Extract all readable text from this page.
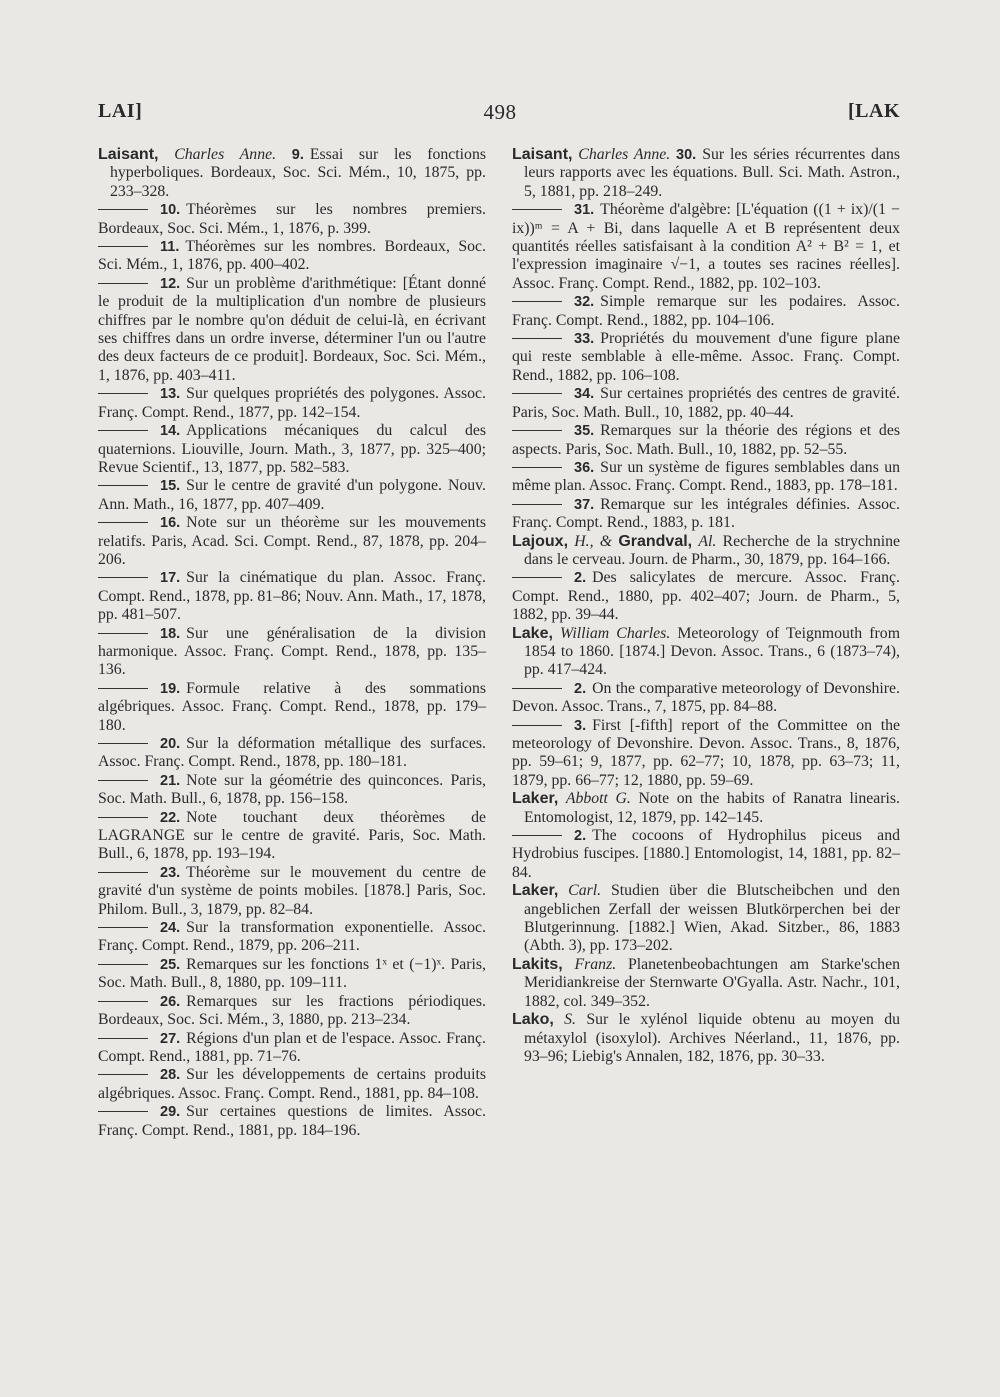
LAI]	498	[LAK
Laisant, Charles Anne. 9. Essai sur les fonctions hyperboliques. Bordeaux, Soc. Sci. Mém., 10, 1875, pp. 233–328.
10. Théorèmes sur les nombres premiers. Bordeaux, Soc. Sci. Mém., 1, 1876, p. 399.
11. Théorèmes sur les nombres. Bordeaux, Soc. Sci. Mém., 1, 1876, pp. 400–402.
12. Sur un problème d'arithmétique: [Étant donné le produit de la multiplication d'un nombre de plusieurs chiffres par le nombre qu'on déduit de celui-là, en écrivant ses chiffres dans un ordre inverse, déterminer l'un ou l'autre des deux facteurs de ce produit]. Bordeaux, Soc. Sci. Mém., 1, 1876, pp. 403–411.
13. Sur quelques propriétés des polygones. Assoc. Franç. Compt. Rend., 1877, pp. 142–154.
14. Applications mécaniques du calcul des quaternions. Liouville, Journ. Math., 3, 1877, pp. 325–400; Revue Scientif., 13, 1877, pp. 582–583.
15. Sur le centre de gravité d'un polygone. Nouv. Ann. Math., 16, 1877, pp. 407–409.
16. Note sur un théorème sur les mouvements relatifs. Paris, Acad. Sci. Compt. Rend., 87, 1878, pp. 204–206.
17. Sur la cinématique du plan. Assoc. Franç. Compt. Rend., 1878, pp. 81–86; Nouv. Ann. Math., 17, 1878, pp. 481–507.
18. Sur une généralisation de la division harmonique. Assoc. Franç. Compt. Rend., 1878, pp. 135–136.
19. Formule relative à des sommations algébriques. Assoc. Franç. Compt. Rend., 1878, pp. 179–180.
20. Sur la déformation métallique des surfaces. Assoc. Franç. Compt. Rend., 1878, pp. 180–181.
21. Note sur la géométrie des quinconces. Paris, Soc. Math. Bull., 6, 1878, pp. 156–158.
22. Note touchant deux théorèmes de LAGRANGE sur le centre de gravité. Paris, Soc. Math. Bull., 6, 1878, pp. 193–194.
23. Théorème sur le mouvement du centre de gravité d'un système de points mobiles. [1878.] Paris, Soc. Philom. Bull., 3, 1879, pp. 82–84.
24. Sur la transformation exponentielle. Assoc. Franç. Compt. Rend., 1879, pp. 206–211.
25. Remarques sur les fonctions 1ˣ et (−1)ˣ. Paris, Soc. Math. Bull., 8, 1880, pp. 109–111.
26. Remarques sur les fractions périodiques. Bordeaux, Soc. Sci. Mém., 3, 1880, pp. 213–234.
27. Régions d'un plan et de l'espace. Assoc. Franç. Compt. Rend., 1881, pp. 71–76.
28. Sur les développements de certains produits algébriques. Assoc. Franç. Compt. Rend., 1881, pp. 84–108.
29. Sur certaines questions de limites. Assoc. Franç. Compt. Rend., 1881, pp. 184–196.
Laisant, Charles Anne. 30. Sur les séries récurrentes dans leurs rapports avec les équations. Bull. Sci. Math. Astron., 5, 1881, pp. 218–249.
31. Théorème d'algèbre: [L'équation ((1 + ix)/(1 − ix))ᵐ = A + Bi, dans laquelle A et B représentent deux quantités réelles satisfaisant à la condition A² + B² = 1, et l'expression imaginaire √−1, a toutes ses racines réelles]. Assoc. Franç. Compt. Rend., 1882, pp. 102–103.
32. Simple remarque sur les podaires. Assoc. Franç. Compt. Rend., 1882, pp. 104–106.
33. Propriétés du mouvement d'une figure plane qui reste semblable à elle-même. Assoc. Franç. Compt. Rend., 1882, pp. 106–108.
34. Sur certaines propriétés des centres de gravité. Paris, Soc. Math. Bull., 10, 1882, pp. 40–44.
35. Remarques sur la théorie des régions et des aspects. Paris, Soc. Math. Bull., 10, 1882, pp. 52–55.
36. Sur un système de figures semblables dans un même plan. Assoc. Franç. Compt. Rend., 1883, pp. 178–181.
37. Remarque sur les intégrales définies. Assoc. Franç. Compt. Rend., 1883, p. 181.
Lajoux, H., & Grandval, Al. Recherche de la strychnine dans le cerveau. Journ. de Pharm., 30, 1879, pp. 164–166.
2. Des salicylates de mercure. Assoc. Franç. Compt. Rend., 1880, pp. 402–407; Journ. de Pharm., 5, 1882, pp. 39–44.
Lake, William Charles. Meteorology of Teignmouth from 1854 to 1860. [1874.] Devon. Assoc. Trans., 6 (1873–74), pp. 417–424.
2. On the comparative meteorology of Devonshire. Devon. Assoc. Trans., 7, 1875, pp. 84–88.
3. First [-fifth] report of the Committee on the meteorology of Devonshire. Devon. Assoc. Trans., 8, 1876, pp. 59–61; 9, 1877, pp. 62–77; 10, 1878, pp. 63–73; 11, 1879, pp. 66–77; 12, 1880, pp. 59–69.
Laker, Abbott G. Note on the habits of Ranatra linearis. Entomologist, 12, 1879, pp. 142–145.
2. The cocoons of Hydrophilus piceus and Hydrobius fuscipes. [1880.] Entomologist, 14, 1881, pp. 82–84.
Laker, Carl. Studien über die Blutscheibchen und den angeblichen Zerfall der weissen Blutkörperchen bei der Blutgerinnung. [1882.] Wien, Akad. Sitzber., 86, 1883 (Abth. 3), pp. 173–202.
Lakits, Franz. Planetenbeobachtungen am Starke'schen Meridiankreise der Sternwarte O'Gyalla. Astr. Nachr., 101, 1882, col. 349–352.
Lako, S. Sur le xylénol liquide obtenu au moyen du métaxylol (isoxylol). Archives Néerland., 11, 1876, pp. 93–96; Liebig's Annalen, 182, 1876, pp. 30–33.
